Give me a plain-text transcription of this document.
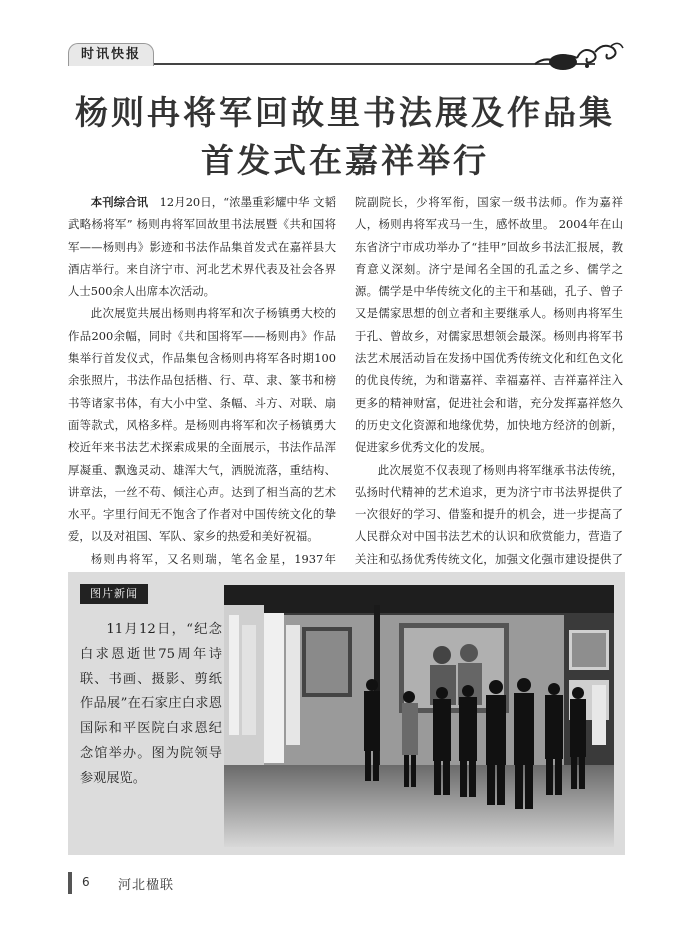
时讯快报
杨则冉将军回故里书法展及作品集
首发式在嘉祥举行

本刊综合讯　 12月20日，“浓墨重彩耀中华 文韬武略杨将军” 杨则冉将军回故里书法展暨《共和国将军——杨则冉》影迹和书法作品集首发式在嘉祥县大酒店举行。来自济宁市、河北艺术界代表及社会各界人士500余人出席本次活动。

此次展览共展出杨则冉将军和次子杨镇勇大校的作品200余幅，同时《共和国将军——杨则冉》作品集举行首发仪式，作品集包含杨则冉将军各时期100余张照片，书法作品包括楷、行、草、隶、篆书和榜书等诸家书体，有大小中堂、条幅、斗方、对联、扇面等款式，风格多样。是杨则冉将军和次子杨镇勇大校近年来书法艺术探索成果的全面展示，书法作品浑厚凝重、飘逸灵动、雄浑大气，洒脱流落，重结构、讲章法，一丝不苟、倾注心声。达到了相当高的艺术水平。字里行间无不饱含了作者对中国传统文化的挚爱，以及对祖国、军队、家乡的热爱和美好祝福。

杨则冉将军，又名则瑞，笔名金星，1937年

院副院长，少将军衔，国家一级书法师。作为嘉祥人，杨则冉将军戎马一生，感怀故里。 2004年在山东省济宁市成功举办了“挂甲”回故乡书法汇报展，教育意义深刻。济宁是闻名全国的孔孟之乡、儒学之源。儒学是中华传统文化的主干和基础，孔子、曾子又是儒家思想的创立者和主要继承人。杨则冉将军生于孔、曾故乡，对儒家思想领会最深。杨则冉将军书法艺术展活动旨在发扬中国优秀传统文化和红色文化的优良传统，为和谐嘉祥、幸福嘉祥、吉祥嘉祥注入更多的精神财富，促进社会和谐，充分发挥嘉祥悠久的历史文化资源和地缘优势，加快地方经济的创新，促进家乡优秀文化的发展。

此次展览不仅表现了杨则冉将军继承书法传统，弘扬时代精神的艺术追求，更为济宁市书法界提供了一次很好的学习、借鉴和提升的机会，进一步提高了人民群众对中国书法艺术的认识和欣赏能力，营造了关注和弘扬优秀传统文化，加强文化强市建设提供了

图片新闻
11月12日，“纪念白求恩逝世75周年诗联、书画、摄影、剪纸作品展”在石家庄白求恩国际和平医院白求恩纪念馆举办。图为院领导参观展览。
6 河北楹联
